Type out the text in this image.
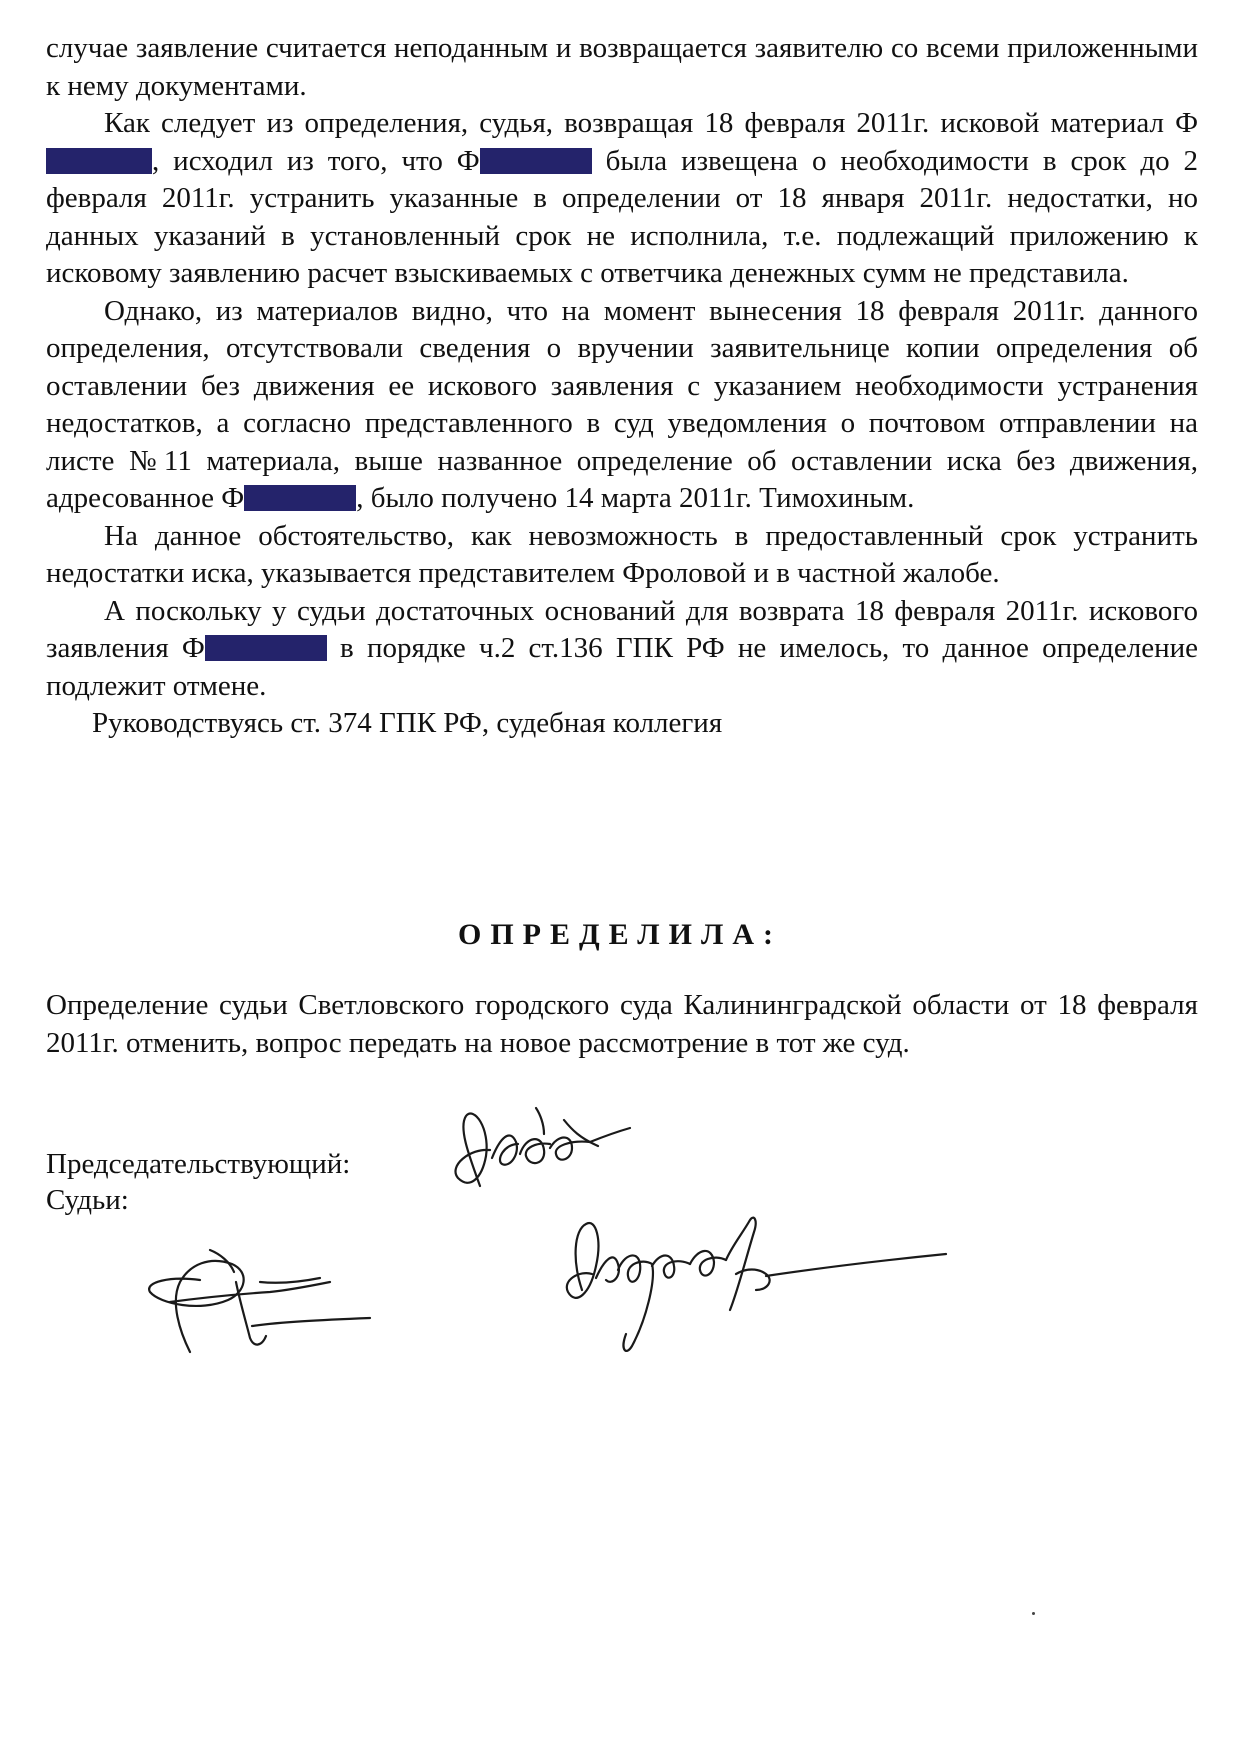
случае заявление считается неподанным и возвращается заявителю со всеми приложенными к нему документами.

Как следует из определения, судья, возвращая 18 февраля 2011г. исковой материал Ф, исходил из того, что Ф	была извещена о необходимости в срок до 2 февраля 2011г. устранить указанные в определении от 18 января 2011г. недостатки, но данных указаний в установленный срок не исполнила, т.е. подлежащий приложению к исковому заявлению расчет взыскиваемых с ответчика денежных сумм не представила.

Однако, из материалов видно, что на момент вынесения 18 февраля 2011г. данного определения, отсутствовали сведения о вручении заявительнице копии определения об оставлении без движения ее искового заявления с указанием необходимости устранения недостатков, а согласно представленного в суд уведомления о почтовом отправлении на листе №11 материала, выше названное определение об оставлении иска без движения, адресованное Ф	, было получено 14 марта 2011г. Тимохиным.

На данное обстоятельство, как невозможность в предоставленный срок устранить недостатки иска, указывается представителем Фроловой и в частной жалобе.

А поскольку у судьи достаточных оснований для возврата 18 февраля 2011г. искового заявления Ф	в порядке ч.2 ст.136 ГПК РФ не имелось, то данное определение подлежит отмене.

Руководствуясь ст. 374 ГПК РФ, судебная коллегия

ОПРЕДЕЛИЛА:

Определение судьи Светловского городского суда Калининградской области от 18 февраля 2011г. отменить, вопрос передать на новое рассмотрение в тот же суд.

Председательствующий:
Судьи:
